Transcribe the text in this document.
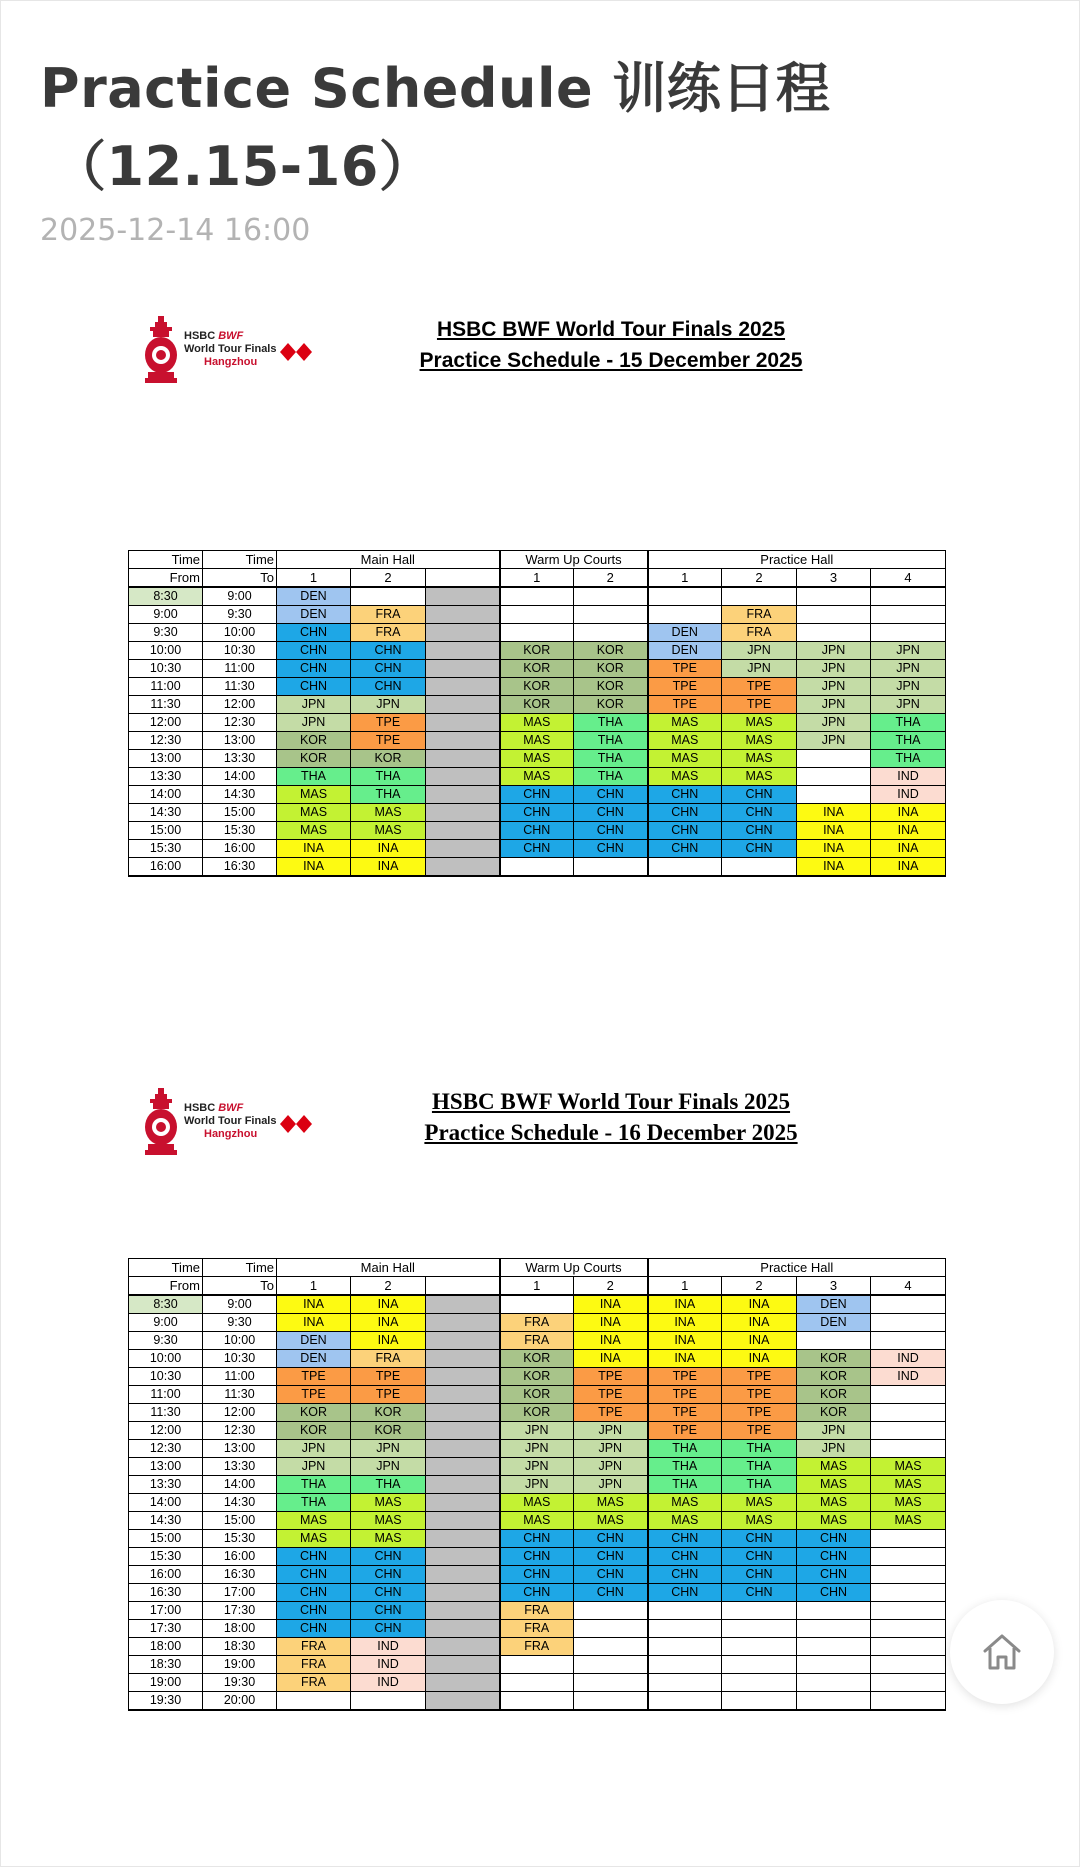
Practice Schedule 训练日程
（12.15-16）
2025-12-14 16:00
HSBC BWF
World Tour Finals
Hangzhou
HSBC BWF World Tour Finals 2025
Practice Schedule - 15 December 2025
Time	Time	Main Hall			Warm Up Courts		Practice Hall			
From	To	1	2		1	2	1	2	3	4
8:30	9:00	DEN								
9:00	9:30	DEN	FRA					FRA		
9:30	10:00	CHN	FRA				DEN	FRA		
10:00	10:30	CHN	CHN		KOR	KOR	DEN	JPN	JPN	JPN
10:30	11:00	CHN	CHN		KOR	KOR	TPE	JPN	JPN	JPN
11:00	11:30	CHN	CHN		KOR	KOR	TPE	TPE	JPN	JPN
11:30	12:00	JPN	JPN		KOR	KOR	TPE	TPE	JPN	JPN
12:00	12:30	JPN	TPE		MAS	THA	MAS	MAS	JPN	THA
12:30	13:00	KOR	TPE		MAS	THA	MAS	MAS	JPN	THA
13:00	13:30	KOR	KOR		MAS	THA	MAS	MAS		THA
13:30	14:00	THA	THA		MAS	THA	MAS	MAS		IND
14:00	14:30	MAS	THA		CHN	CHN	CHN	CHN		IND
14:30	15:00	MAS	MAS		CHN	CHN	CHN	CHN	INA	INA
15:00	15:30	MAS	MAS		CHN	CHN	CHN	CHN	INA	INA
15:30	16:00	INA	INA		CHN	CHN	CHN	CHN	INA	INA
16:00	16:30	INA	INA						INA	INA
HSBC BWF
World Tour Finals
Hangzhou
HSBC BWF World Tour Finals 2025
Practice Schedule - 16 December 2025
Time	Time	Main Hall			Warm Up Courts		Practice Hall			
From	To	1	2		1	2	1	2	3	4
8:30	9:00	INA	INA			INA	INA	INA	DEN	
9:00	9:30	INA	INA		FRA	INA	INA	INA	DEN	
9:30	10:00	DEN	INA		FRA	INA	INA	INA		
10:00	10:30	DEN	FRA		KOR	INA	INA	INA	KOR	IND
10:30	11:00	TPE	TPE		KOR	TPE	TPE	TPE	KOR	IND
11:00	11:30	TPE	TPE		KOR	TPE	TPE	TPE	KOR	
11:30	12:00	KOR	KOR		KOR	TPE	TPE	TPE	KOR	
12:00	12:30	KOR	KOR		JPN	JPN	TPE	TPE	JPN	
12:30	13:00	JPN	JPN		JPN	JPN	THA	THA	JPN	
13:00	13:30	JPN	JPN		JPN	JPN	THA	THA	MAS	MAS
13:30	14:00	THA	THA		JPN	JPN	THA	THA	MAS	MAS
14:00	14:30	THA	MAS		MAS	MAS	MAS	MAS	MAS	MAS
14:30	15:00	MAS	MAS		MAS	MAS	MAS	MAS	MAS	MAS
15:00	15:30	MAS	MAS		CHN	CHN	CHN	CHN	CHN	
15:30	16:00	CHN	CHN		CHN	CHN	CHN	CHN	CHN	
16:00	16:30	CHN	CHN		CHN	CHN	CHN	CHN	CHN	
16:30	17:00	CHN	CHN		CHN	CHN	CHN	CHN	CHN	
17:00	17:30	CHN	CHN		FRA					
17:30	18:00	CHN	CHN		FRA					
18:00	18:30	FRA	IND		FRA					
18:30	19:00	FRA	IND							
19:00	19:30	FRA	IND							
19:30	20:00									
